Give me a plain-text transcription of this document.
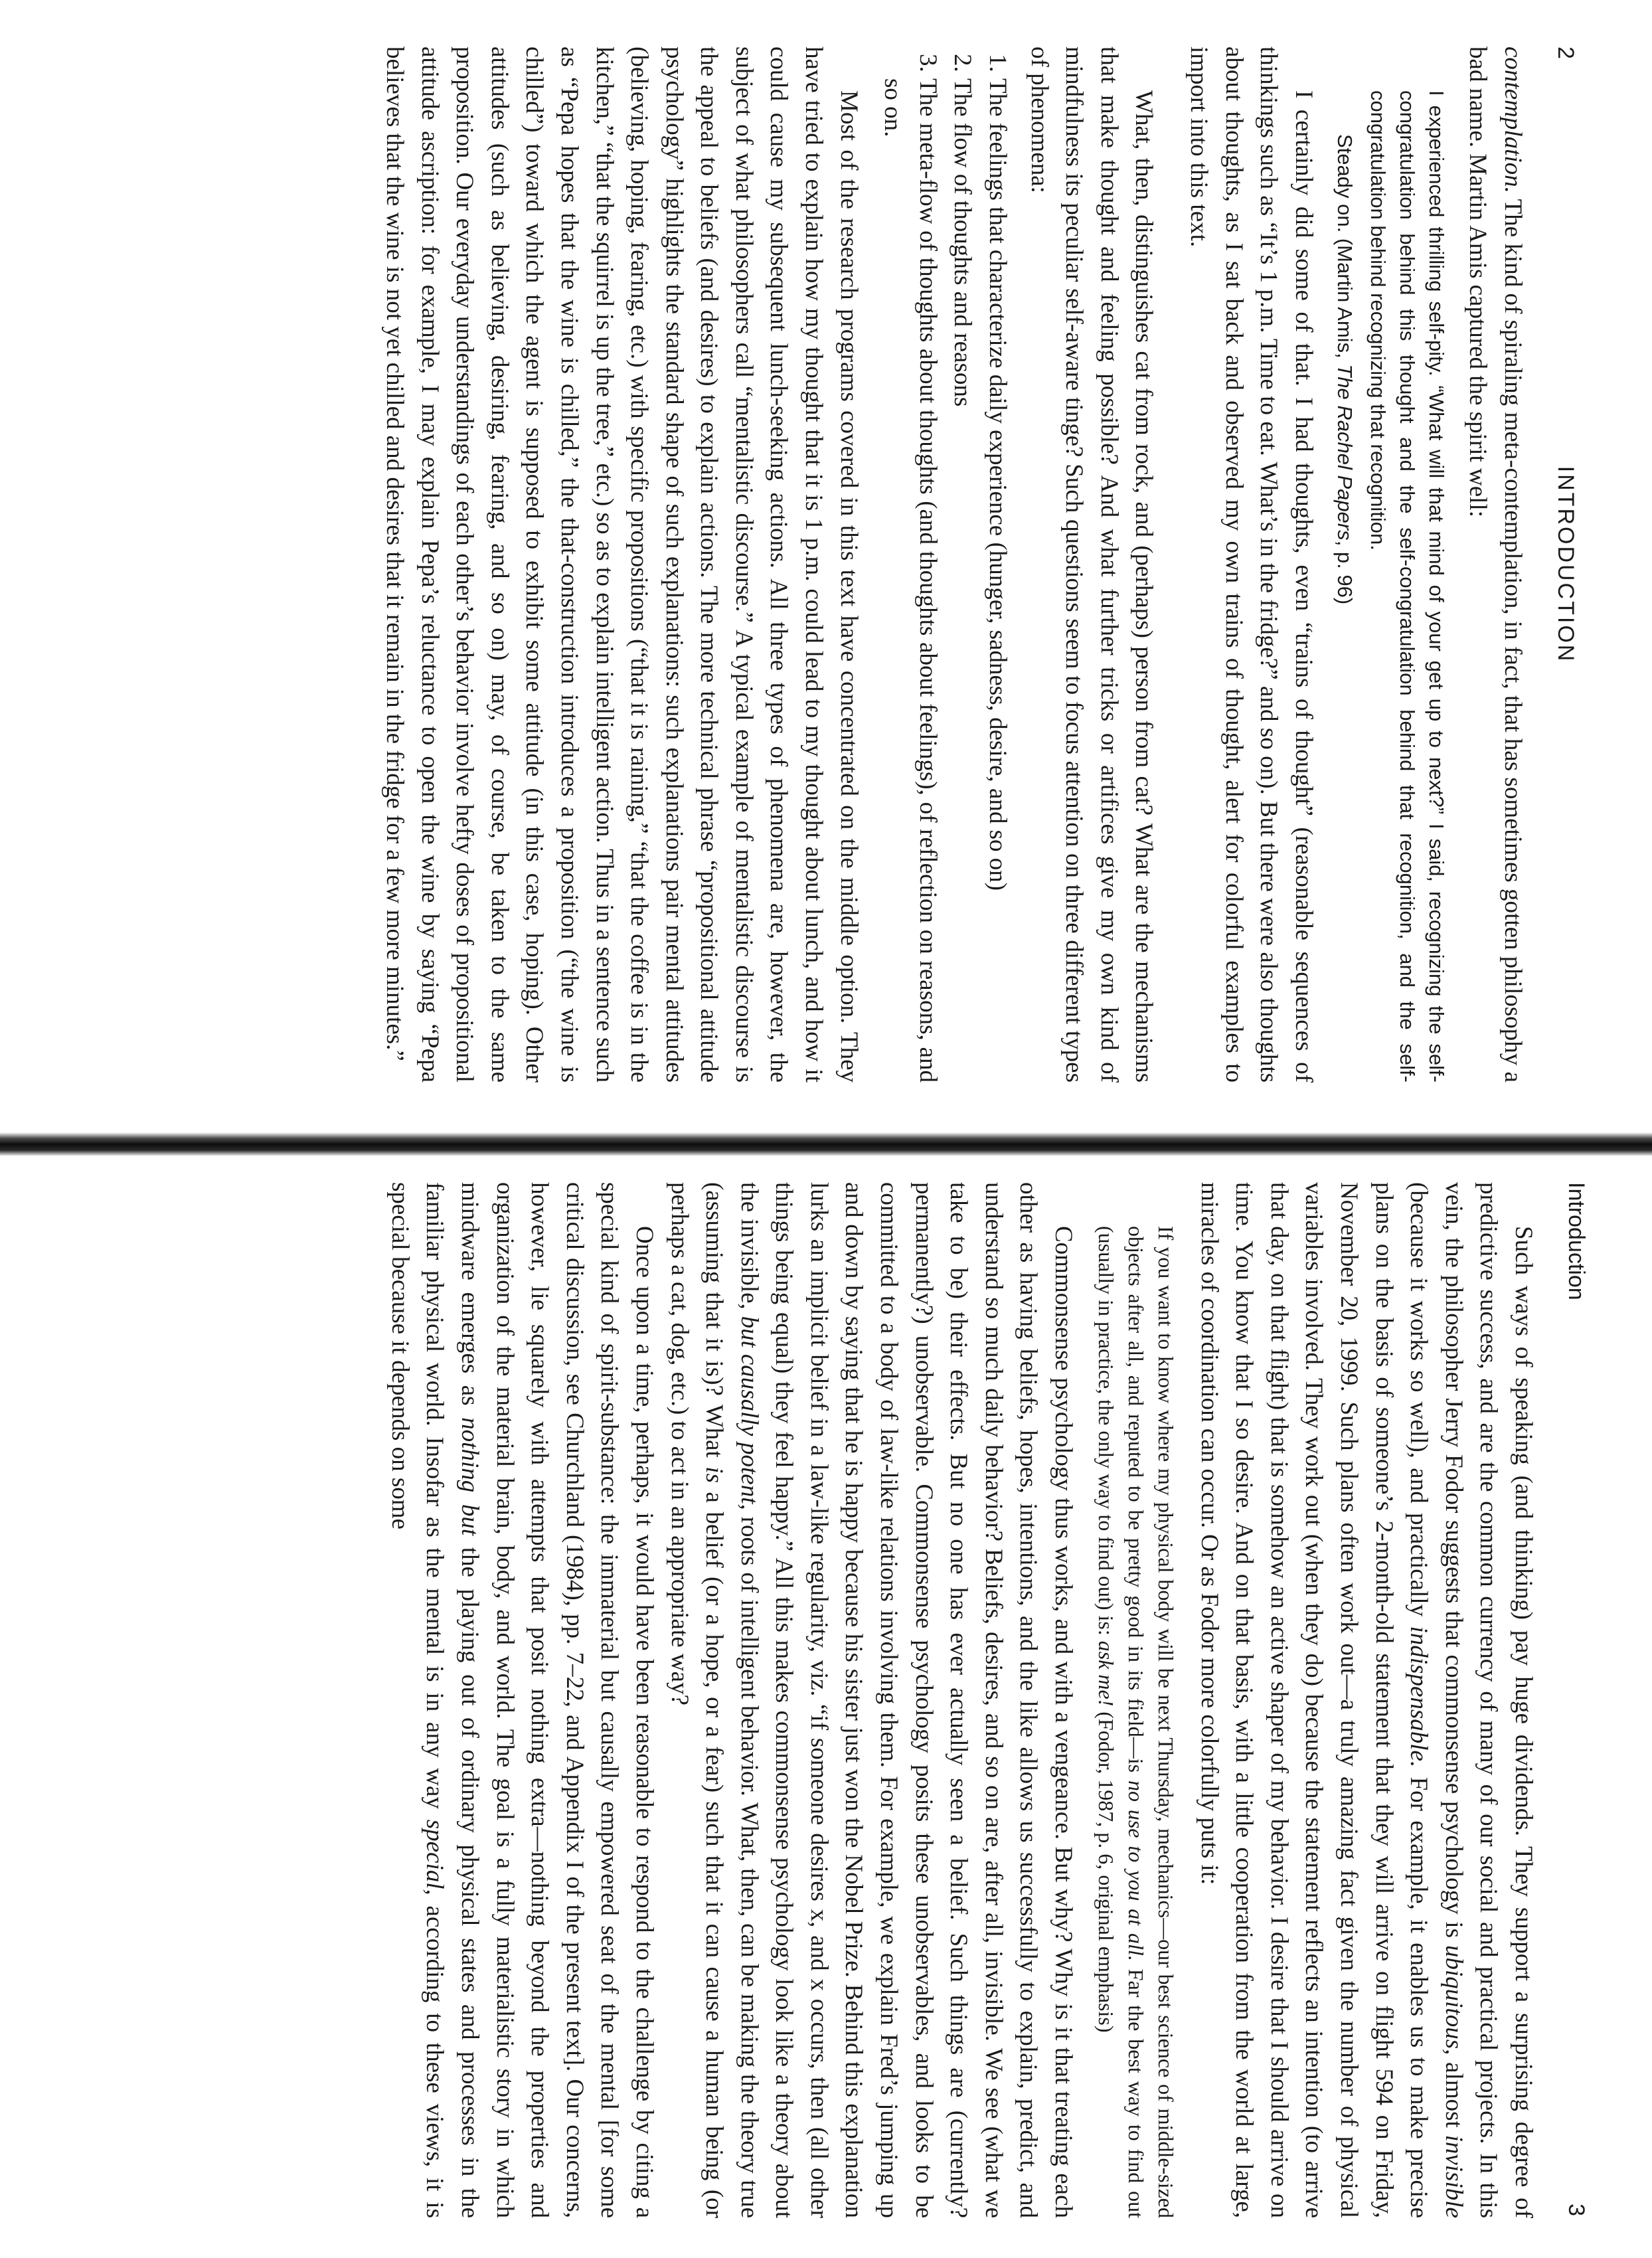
2
INTRODUCTION

contemplation. The kind of spiraling meta-contemplation, in fact, that has sometimes gotten philosophy a bad name. Martin Amis captured the spirit well:

I experienced thrilling self-pity. “What will that mind of your get up to next?” I said, recognizing the self-congratulation behind this thought and the self-congratulation behind that recognition, and the self-congratulation behind recognizing that recognition.
Steady on. (Martin Amis, The Rachel Papers, p. 96)

I certainly did some of that. I had thoughts, even “trains of thought” (reasonable sequences of thinkings such as “It’s 1 p.m. Time to eat. What’s in the fridge?” and so on). But there were also thoughts about thoughts, as I sat back and observed my own trains of thought, alert for colorful examples to import into this text.

What, then, distinguishes cat from rock, and (perhaps) person from cat? What are the mechanisms that make thought and feeling possible? And what further tricks or artifices give my own kind of mindfulness its peculiar self-aware tinge? Such questions seem to focus attention on three different types of phenomena:

1. The feelings that characterize daily experience (hunger, sadness, desire, and so on)
2. The flow of thoughts and reasons
3. The meta-flow of thoughts about thoughts (and thoughts about feelings), of reflection on reasons, and so on.

Most of the research programs covered in this text have concentrated on the middle option. They have tried to explain how my thought that it is 1 p.m. could lead to my thought about lunch, and how it could cause my subsequent lunch-seeking actions. All three types of phenomena are, however, the subject of what philosophers call “mentalistic discourse.” A typical example of mentalistic discourse is the appeal to beliefs (and desires) to explain actions. The more technical phrase “propositional attitude psychology” highlights the standard shape of such explanations: such explanations pair mental attitudes (believing, hoping, fearing, etc.) with specific propositions (“that it is raining,” “that the coffee is in the kitchen,” “that the squirrel is up the tree,” etc.) so as to explain intelligent action. Thus in a sentence such as “Pepa hopes that the wine is chilled,” the that-construction introduces a proposition (“the wine is chilled”) toward which the agent is supposed to exhibit some attitude (in this case, hoping). Other attitudes (such as believing, desiring, fearing, and so on) may, of course, be taken to the same proposition. Our everyday understandings of each other’s behavior involve hefty doses of propositional attitude ascription: for example, I may explain Pepa’s reluctance to open the wine by saying “Pepa believes that the wine is not yet chilled and desires that it remain in the fridge for a few more minutes.”

Introduction
3

Such ways of speaking (and thinking) pay huge dividends. They support a surprising degree of predictive success, and are the common currency of many of our social and practical projects. In this vein, the philosopher Jerry Fodor suggests that commonsense psychology is ubiquitous, almost invisible (because it works so well), and practically indispensable. For example, it enables us to make precise plans on the basis of someone’s 2-month-old statement that they will arrive on flight 594 on Friday, November 20, 1999. Such plans often work out—a truly amazing fact given the number of physical variables involved. They work out (when they do) because the statement reflects an intention (to arrive that day, on that flight) that is somehow an active shaper of my behavior. I desire that I should arrive on time. You know that I so desire. And on that basis, with a little cooperation from the world at large, miracles of coordination can occur. Or as Fodor more colorfully puts it:

If you want to know where my physical body will be next Thursday, mechanics—our best science of middle-sized objects after all, and reputed to be pretty good in its field—is no use to you at all. Far the best way to find out (usually in practice, the only way to find out) is: ask me! (Fodor, 1987, p. 6, original emphasis)

Commonsense psychology thus works, and with a vengeance. But why? Why is it that treating each other as having beliefs, hopes, intentions, and the like allows us successfully to explain, predict, and understand so much daily behavior? Beliefs, desires, and so on are, after all, invisible. We see (what we take to be) their effects. But no one has ever actually seen a belief. Such things are (currently? permanently?) unobservable. Commonsense psychology posits these unobservables, and looks to be committed to a body of law-like relations involving them. For example, we explain Fred’s jumping up and down by saying that he is happy because his sister just won the Nobel Prize. Behind this explanation lurks an implicit belief in a law-like regularity, viz. “if someone desires x, and x occurs, then (all other things being equal) they feel happy.” All this makes commonsense psychology look like a theory about the invisible, but causally potent, roots of intelligent behavior. What, then, can be making the theory true (assuming that it is)? What is a belief (or a hope, or a fear) such that it can cause a human being (or perhaps a cat, dog, etc.) to act in an appropriate way?

Once upon a time, perhaps, it would have been reasonable to respond to the challenge by citing a special kind of spirit-substance: the immaterial but causally empowered seat of the mental [for some critical discussion, see Churchland (1984), pp. 7–22, and Appendix I of the present text]. Our concerns, however, lie squarely with attempts that posit nothing extra—nothing beyond the properties and organization of the material brain, body, and world. The goal is a fully materialistic story in which mindware emerges as nothing but the playing out of ordinary physical states and processes in the familiar physical world. Insofar as the mental is in any way special, according to these views, it is special because it depends on some
